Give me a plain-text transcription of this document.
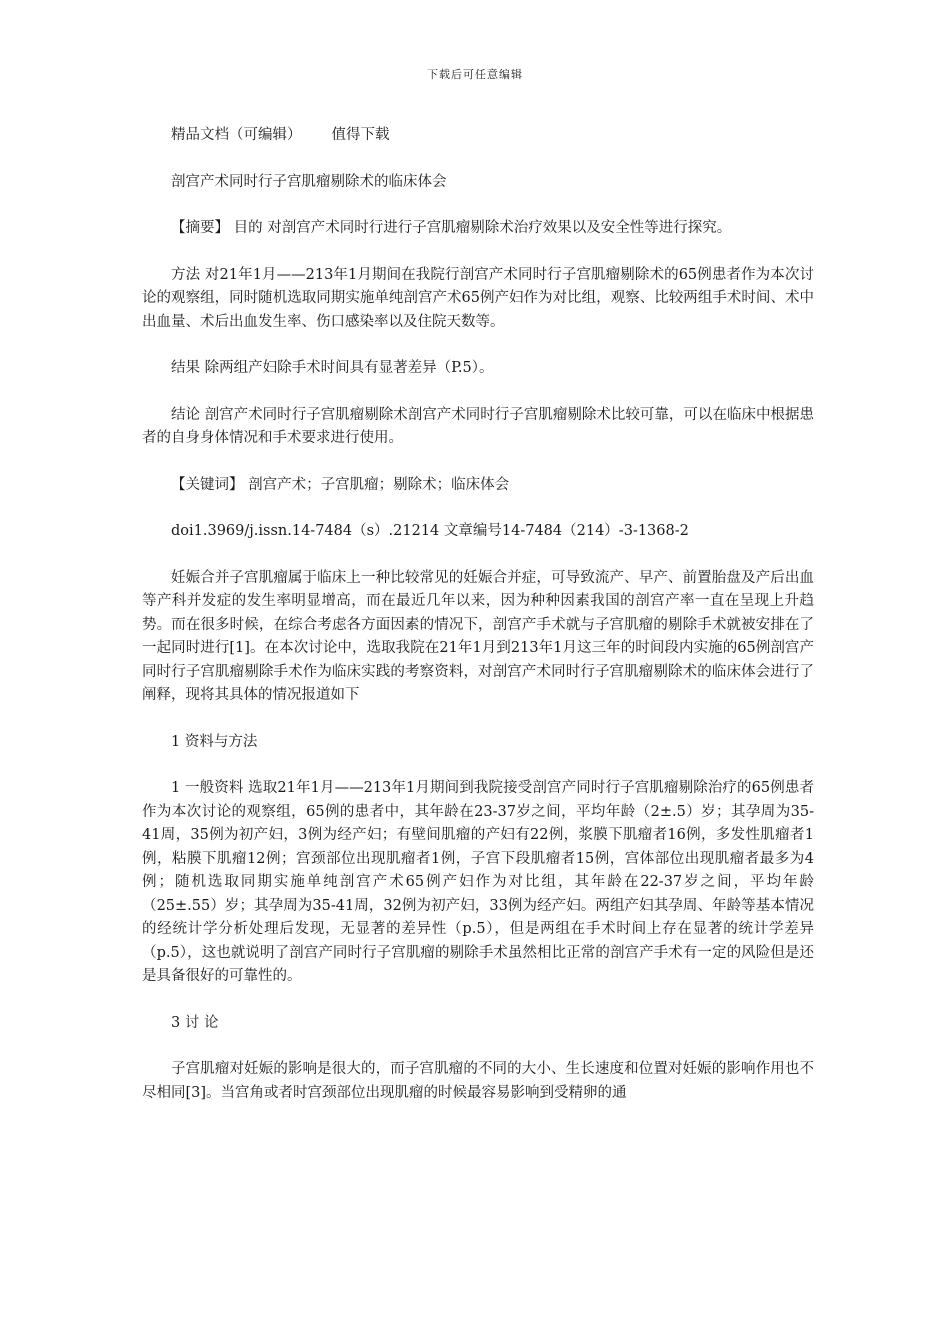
下载后可任意编辑

精品文档（可编辑） 值得下载

剖宫产术同时行子宫肌瘤剔除术的临床体会

【摘要】 目的 对剖宫产术同时行进行子宫肌瘤剔除术治疗效果以及安全性等进行探究。

方法 对21年1月——213年1月期间在我院行剖宫产术同时行子宫肌瘤剔除术的65例患者作为本次讨论的观察组，同时随机选取同期实施单纯剖宫产术65例产妇作为对比组，观察、比较两组手术时间、术中出血量、术后出血发生率、伤口感染率以及住院天数等。

结果 除两组产妇除手术时间具有显著差异（P.5）。

结论 剖宫产术同时行子宫肌瘤剔除术剖宫产术同时行子宫肌瘤剔除术比较可靠，可以在临床中根据患者的自身身体情况和手术要求进行使用。

【关键词】 剖宫产术；子宫肌瘤；剔除术；临床体会

doi1.3969/j.issn.14-7484（s）.21214 文章编号14-7484（214）-3-1368-2

妊娠合并子宫肌瘤属于临床上一种比较常见的妊娠合并症，可导致流产、早产、前置胎盘及产后出血等产科并发症的发生率明显增高，而在最近几年以来，因为种种因素我国的剖宫产率一直在呈现上升趋势。而在很多时候，在综合考虑各方面因素的情况下，剖宫产手术就与子宫肌瘤的剔除手术就被安排在了一起同时进行[1]。在本次讨论中，选取我院在21年1月到213年1月这三年的时间段内实施的65例剖宫产同时行子宫肌瘤剔除手术作为临床实践的考察资料，对剖宫产术同时行子宫肌瘤剔除术的临床体会进行了阐释，现将其具体的情况报道如下

1 资料与方法

1 一般资料 选取21年1月——213年1月期间到我院接受剖宫产同时行子宫肌瘤剔除治疗的65例患者作为本次讨论的观察组，65例的患者中，其年龄在23-37岁之间，平均年龄（2±.5）岁；其孕周为35-41周，35例为初产妇，3例为经产妇；有壁间肌瘤的产妇有22例，浆膜下肌瘤者16例，多发性肌瘤者1例，粘膜下肌瘤12例；宫颈部位出现肌瘤者1例，子宫下段肌瘤者15例，宫体部位出现肌瘤者最多为4例；随机选取同期实施单纯剖宫产术65例产妇作为对比组，其年龄在22-37岁之间，平均年龄（25±.55）岁；其孕周为35-41周，32例为初产妇，33例为经产妇。两组产妇其孕周、年龄等基本情况的经统计学分析处理后发现，无显著的差异性（p.5），但是两组在手术时间上存在显著的统计学差异（p.5），这也就说明了剖宫产同时行子宫肌瘤的剔除手术虽然相比正常的剖宫产手术有一定的风险但是还是具备很好的可靠性的。

3 讨 论

子宫肌瘤对妊娠的影响是很大的，而子宫肌瘤的不同的大小、生长速度和位置对妊娠的影响作用也不尽相同[3]。当宫角或者时宫颈部位出现肌瘤的时候最容易影响到受精卵的通
